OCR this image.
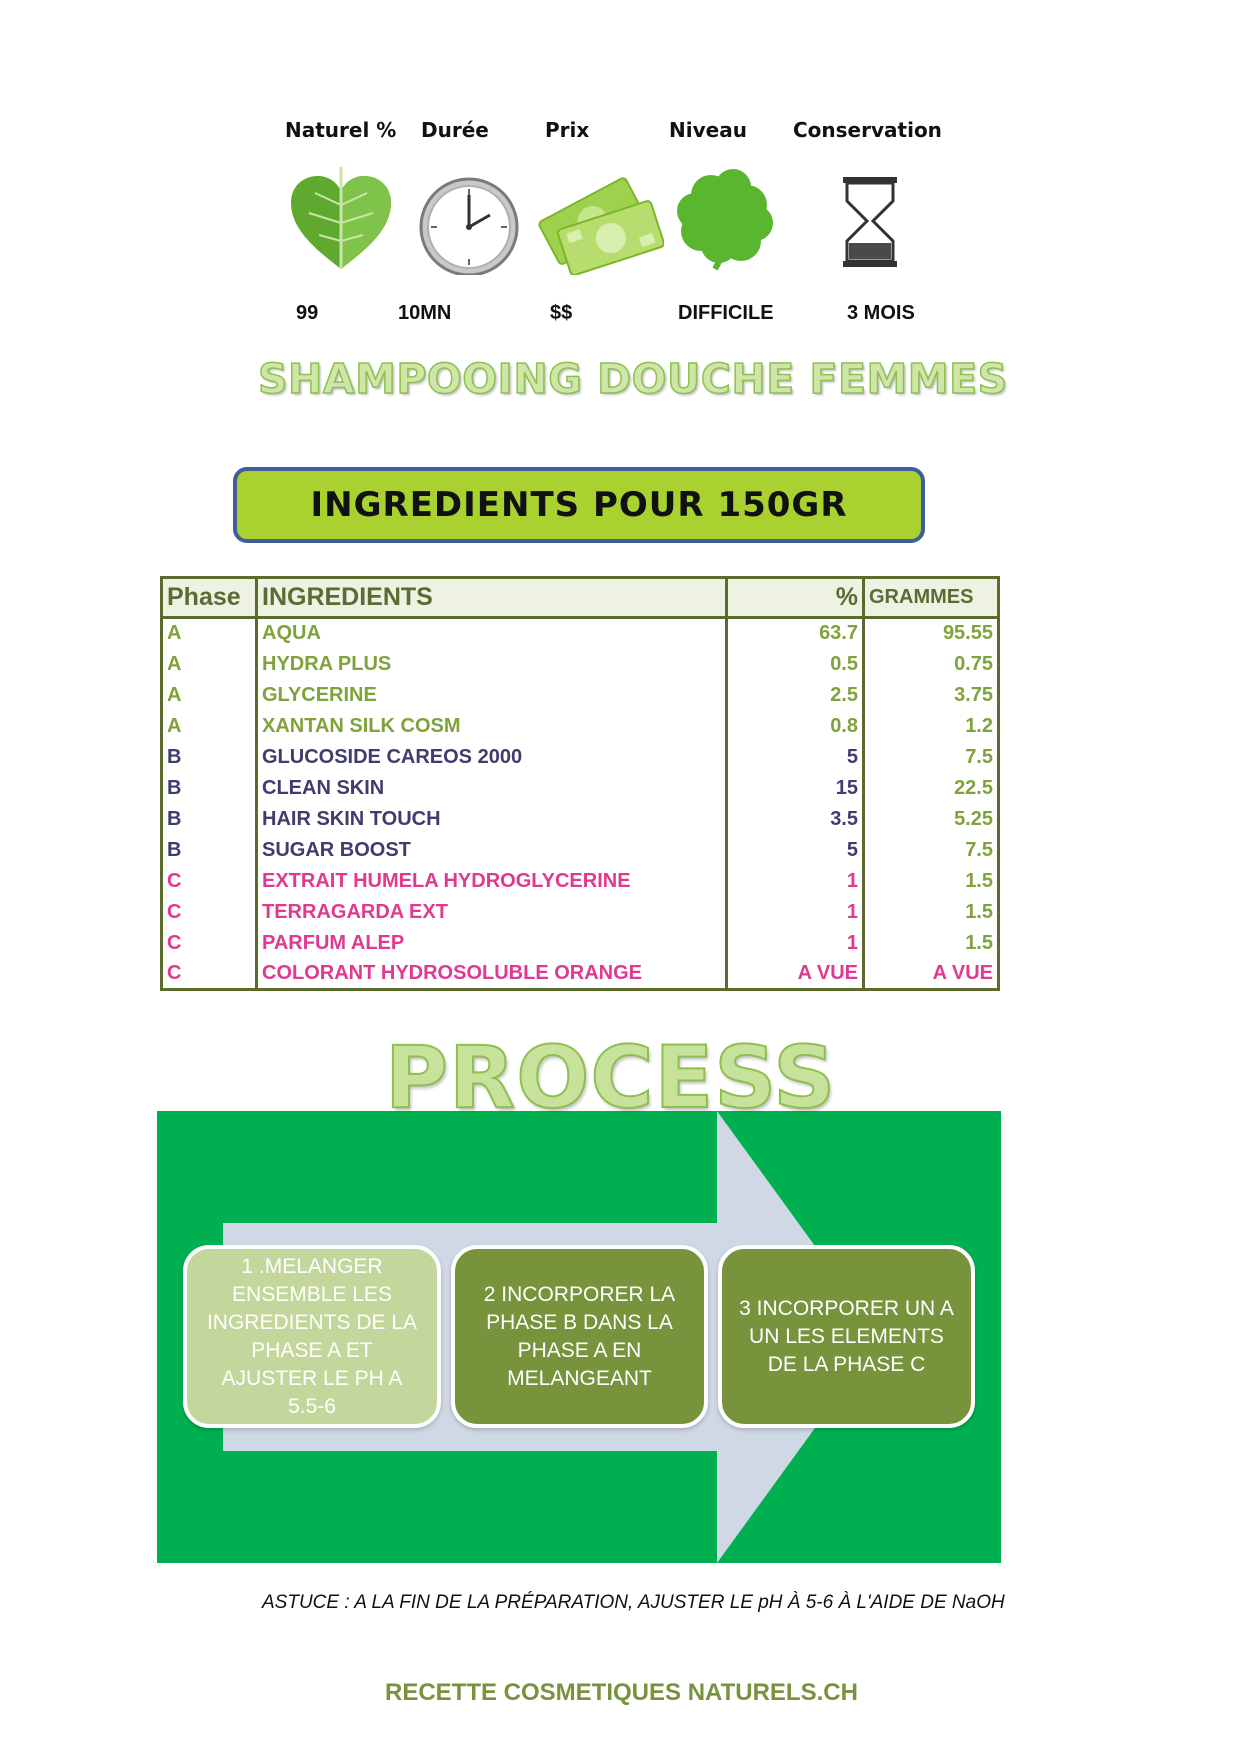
Naturel % Durée	Prix	Niveau Conservation
99	10MN	$$	DIFFICILE	3 MOIS
SHAMPOOING DOUCHE FEMMES
INGREDIENTS POUR 150GR
Phase	INGREDIENTS	%	GRAMMES
A	AQUA	63.7	95.55
A	HYDRA PLUS	0.5	0.75
A	GLYCERINE	2.5	3.75
A	XANTAN SILK COSM	0.8	1.2
B	GLUCOSIDE CAREOS 2000	5	7.5
B	CLEAN SKIN	15	22.5
B	HAIR SKIN TOUCH	3.5	5.25
B	SUGAR BOOST	5	7.5
C	EXTRAIT HUMELA HYDROGLYCERINE	1	1.5
C	TERRAGARDA EXT	1	1.5
C	PARFUM ALEP	1	1.5
C	COLORANT HYDROSOLUBLE ORANGE	A VUE	A VUE
PROCESS
1 .MELANGER ENSEMBLE LES INGREDIENTS DE LA PHASE A ET AJUSTER LE PH A 5.5-6
2 INCORPORER LA PHASE B DANS LA PHASE A EN MELANGEANT
3 INCORPORER UN A UN LES ELEMENTS DE LA PHASE C
ASTUCE : A LA FIN DE LA PRÉPARATION, AJUSTER LE pH À 5-6 À L'AIDE DE NaOH
RECETTE COSMETIQUES NATURELS.CH
